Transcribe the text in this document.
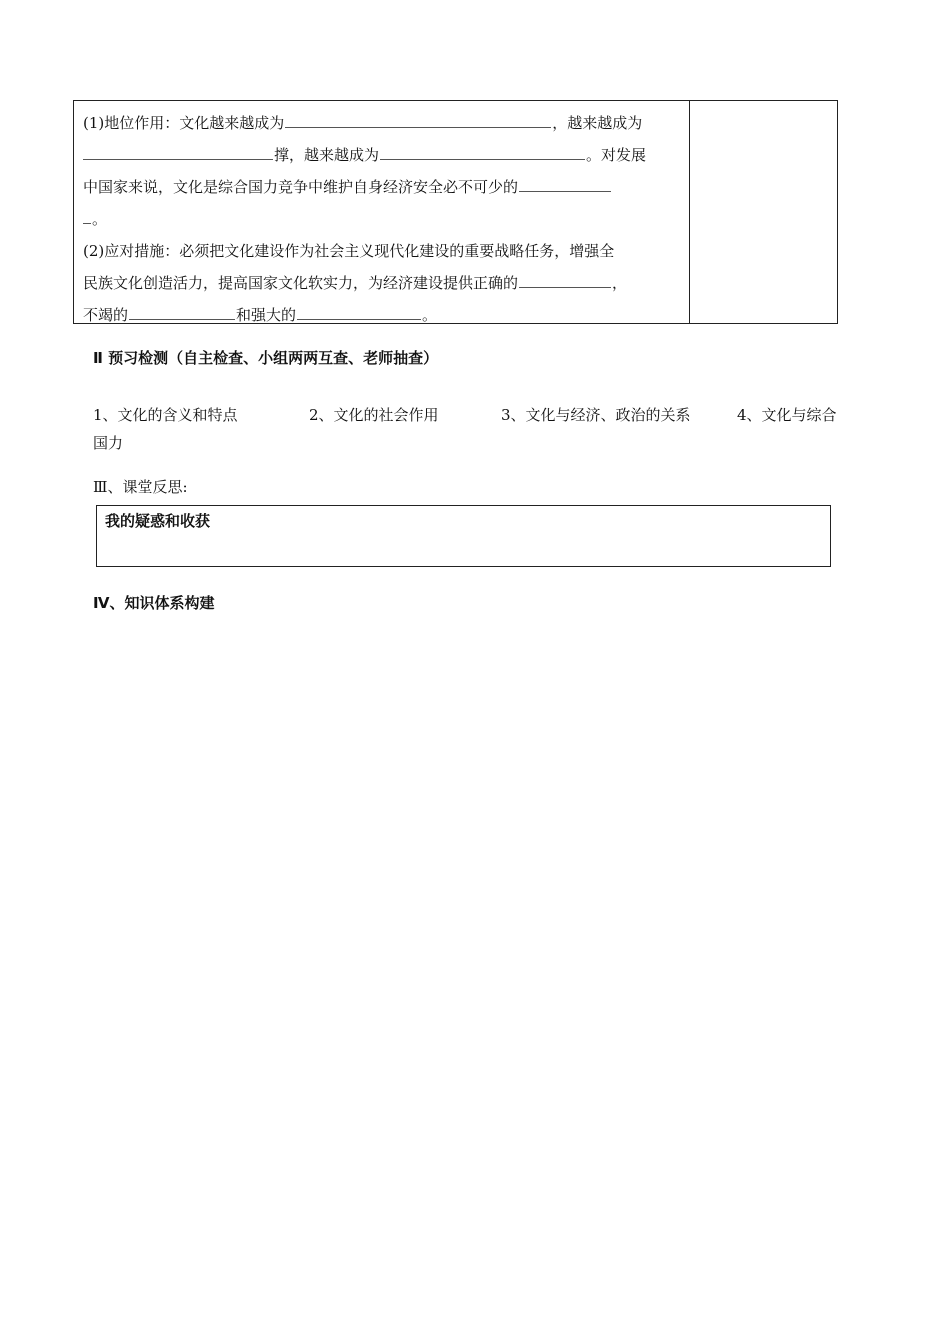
(1)地位作用：文化越来越成为	，越来越成为
撑，越来越成为	。对发展
中国家来说，文化是综合国力竞争中维护自身经济安全必不可少的
。
(2)应对措施：必须把文化建设作为社会主义现代化建设的重要战略任务，增强全
民族文化创造活力，提高国家文化软实力，为经济建设提供正确的	，
不竭的	和强大的	。
Ⅱ 预习检测（自主检查、小组两两互查、老师抽查）
1、文化的含义和特点	2、文化的社会作用	3、文化与经济、政治的关系	4、文化与综合
国力
Ⅲ、课堂反思:
我的疑惑和收获
Ⅳ、知识体系构建
